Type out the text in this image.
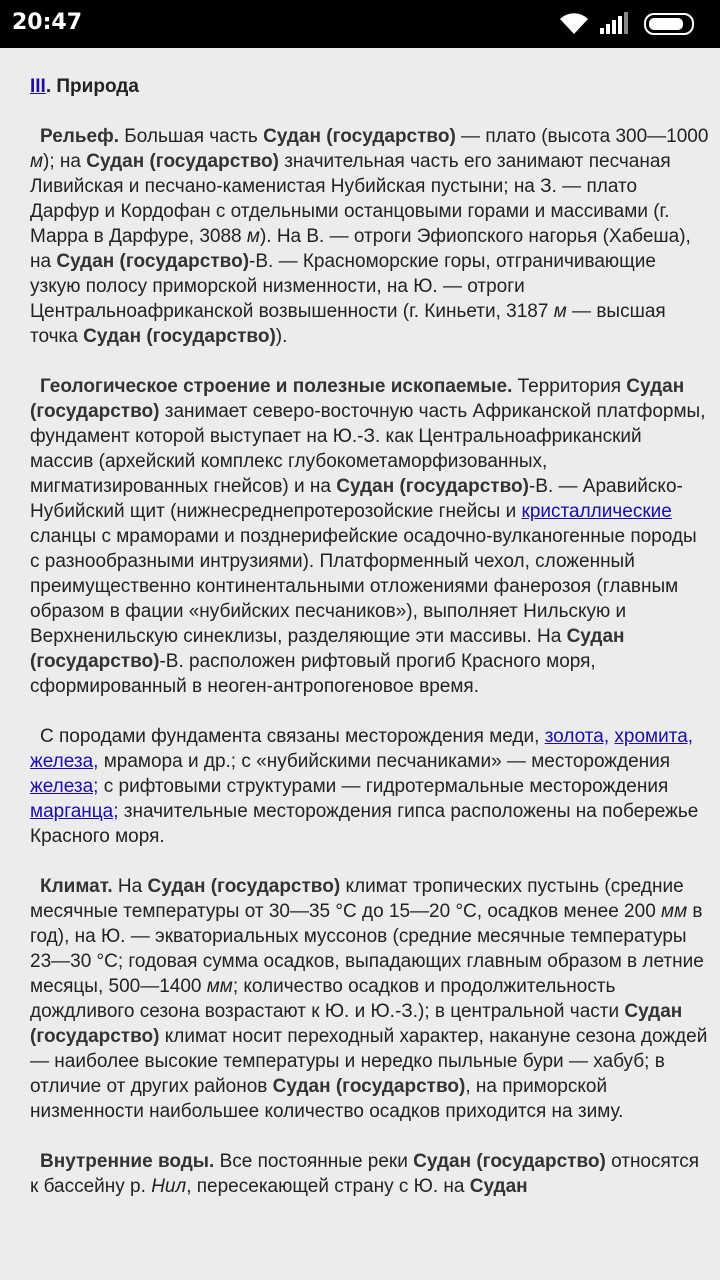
20:47

III. Природа

Рельеф. Большая часть Судан (государство) — плато (высота 300—1000 м); на Судан (государство) значительная часть его занимают песчаная Ливийская и песчано-каменистая Нубийская пустыни; на З. — плато Дарфур и Кордофан с отдельными останцовыми горами и массивами (г. Марра в Дарфуре, 3088 м). На В. — отроги Эфиопского нагорья (Хабеша), на Судан (государство)-В. — Красноморские горы, отграничивающие узкую полосу приморской низменности, на Ю. — отроги Центральноафриканской возвышенности (г. Киньети, 3187 м — высшая точка Судан (государство)).

Геологическое строение и полезные ископаемые. Территория Судан (государство) занимает северо-восточную часть Африканской платформы, фундамент которой выступает на Ю.-З. как Центральноафриканский массив (архейский комплекс глубокометаморфизованных, мигматизированных гнейсов) и на Судан (государство)-В. — Аравийско-Нубийский щит (нижнесреднепротерозойские гнейсы и кристаллические сланцы с мраморами и позднерифейские осадочно-вулканогенные породы с разнообразными интрузиями). Платформенный чехол, сложенный преимущественно континентальными отложениями фанерозоя (главным образом в фации «нубийских песчаников»), выполняет Нильскую и Верхненильскую синеклизы, разделяющие эти массивы. На Судан (государство)-В. расположен рифтовый прогиб Красного моря, сформированный в неоген-антропогеновое время.

С породами фундамента связаны месторождения меди, золота, хромита, железа, мрамора и др.; с «нубийскими песчаниками» — месторождения железа; с рифтовыми структурами — гидротермальные месторождения марганца; значительные месторождения гипса расположены на побережье Красного моря.

Климат. На Судан (государство) климат тропических пустынь (средние месячные температуры от 30—35 °С до 15—20 °С, осадков менее 200 мм в год), на Ю. — экваториальных муссонов (средние месячные температуры 23—30 °С; годовая сумма осадков, выпадающих главным образом в летние месяцы, 500—1400 мм; количество осадков и продолжительность дождливого сезона возрастают к Ю. и Ю.-З.); в центральной части Судан (государство) климат носит переходный характер, накануне сезона дождей — наиболее высокие температуры и нередко пыльные бури — хабуб; в отличие от других районов Судан (государство), на приморской низменности наибольшее количество осадков приходится на зиму.

Внутренние воды. Все постоянные реки Судан (государство) относятся к бассейну р. Нил, пересекающей страну с Ю. на Судан
